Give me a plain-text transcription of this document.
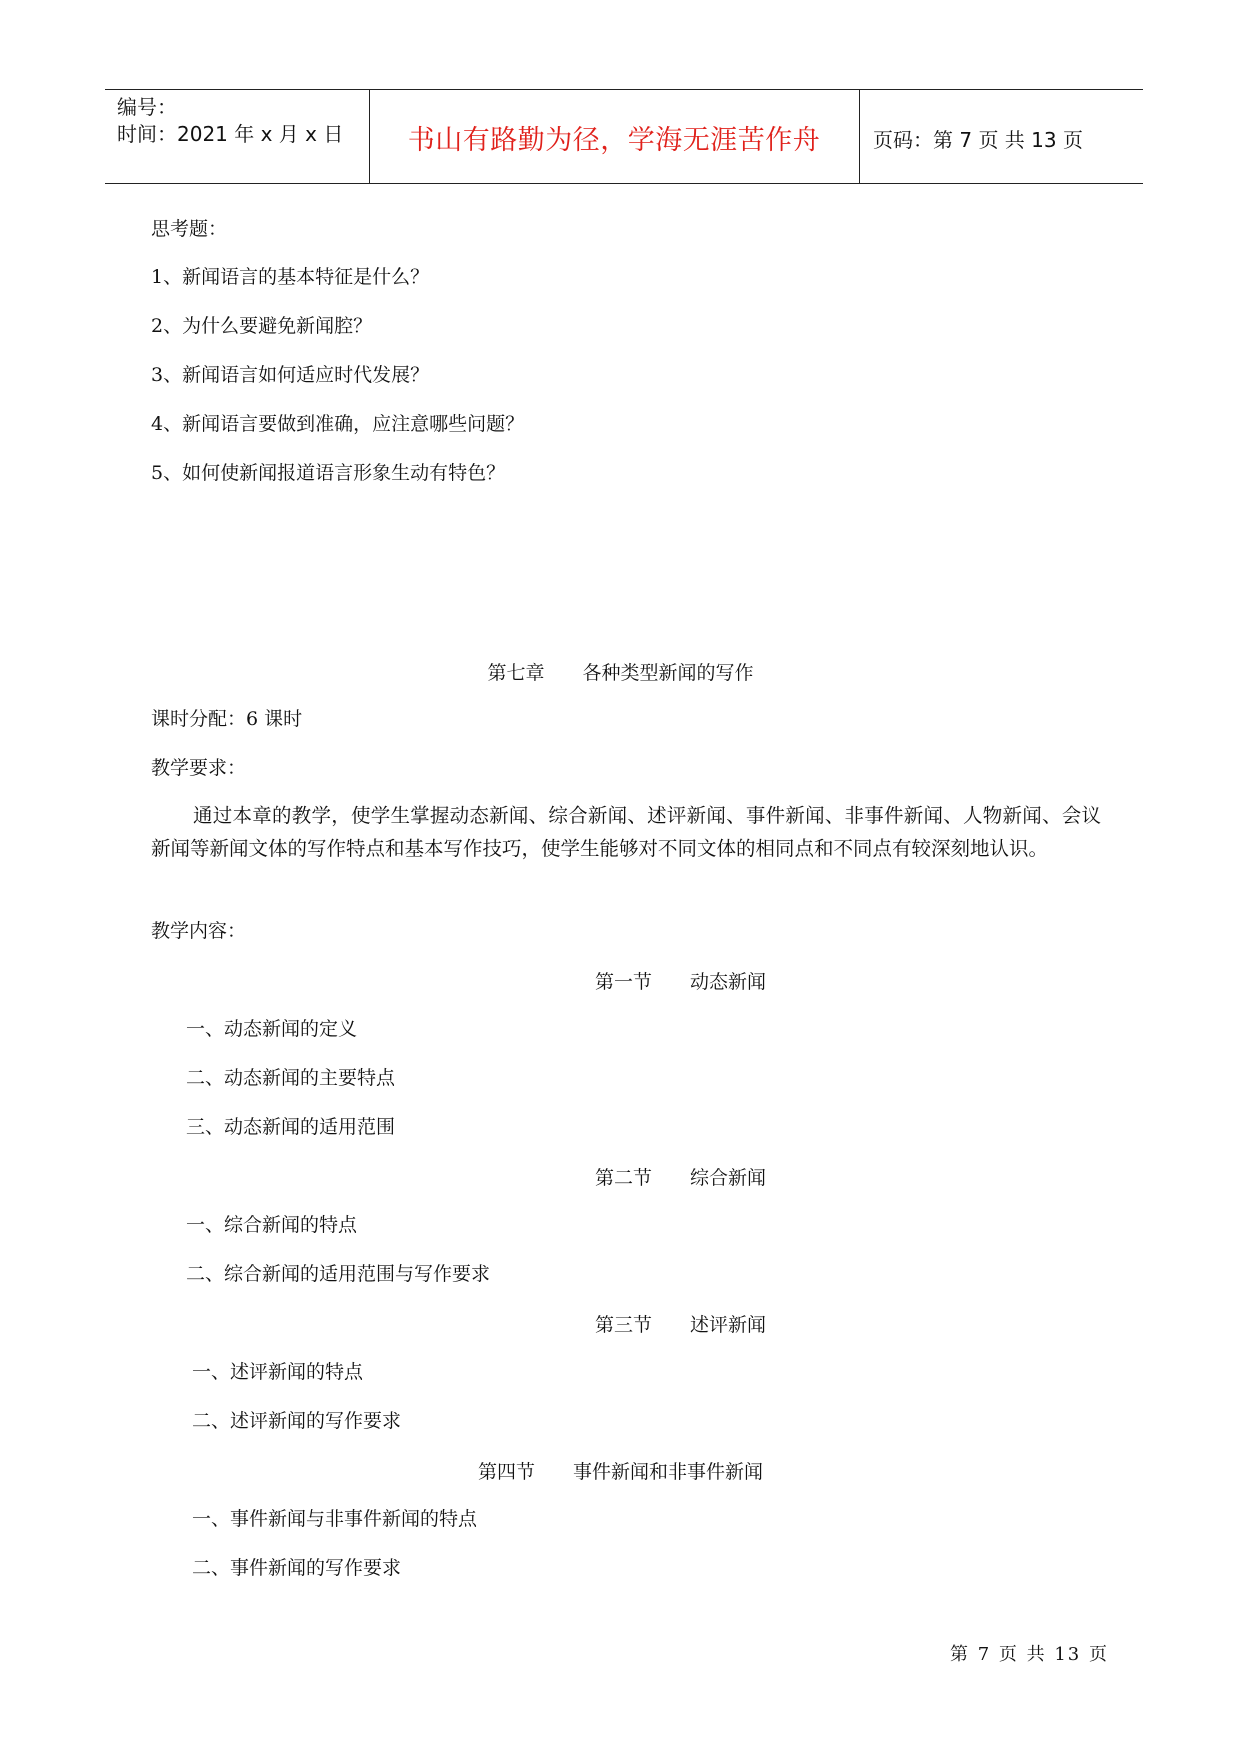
编号：
时间：2021 年 x 月 x 日	书山有路勤为径，学海无涯苦作舟	页码：第 7 页 共 13 页
思考题：
1、新闻语言的基本特征是什么？
2、为什么要避免新闻腔？
3、新闻语言如何适应时代发展？
4、新闻语言要做到准确，应注意哪些问题？
5、如何使新闻报道语言形象生动有特色？
第七章　　各种类型新闻的写作
课时分配：6 课时
教学要求：
通过本章的教学，使学生掌握动态新闻、综合新闻、述评新闻、事件新闻、非事件新闻、人物新闻、会议新闻等新闻文体的写作特点和基本写作技巧，使学生能够对不同文体的相同点和不同点有较深刻地认识。
教学内容：
第一节　　动态新闻
一、动态新闻的定义
二、动态新闻的主要特点
三、动态新闻的适用范围
第二节　　综合新闻
一、综合新闻的特点
二、综合新闻的适用范围与写作要求
第三节　　述评新闻
一、述评新闻的特点
二、述评新闻的写作要求
第四节　　事件新闻和非事件新闻
一、事件新闻与非事件新闻的特点
二、事件新闻的写作要求
第 7 页 共 13 页
